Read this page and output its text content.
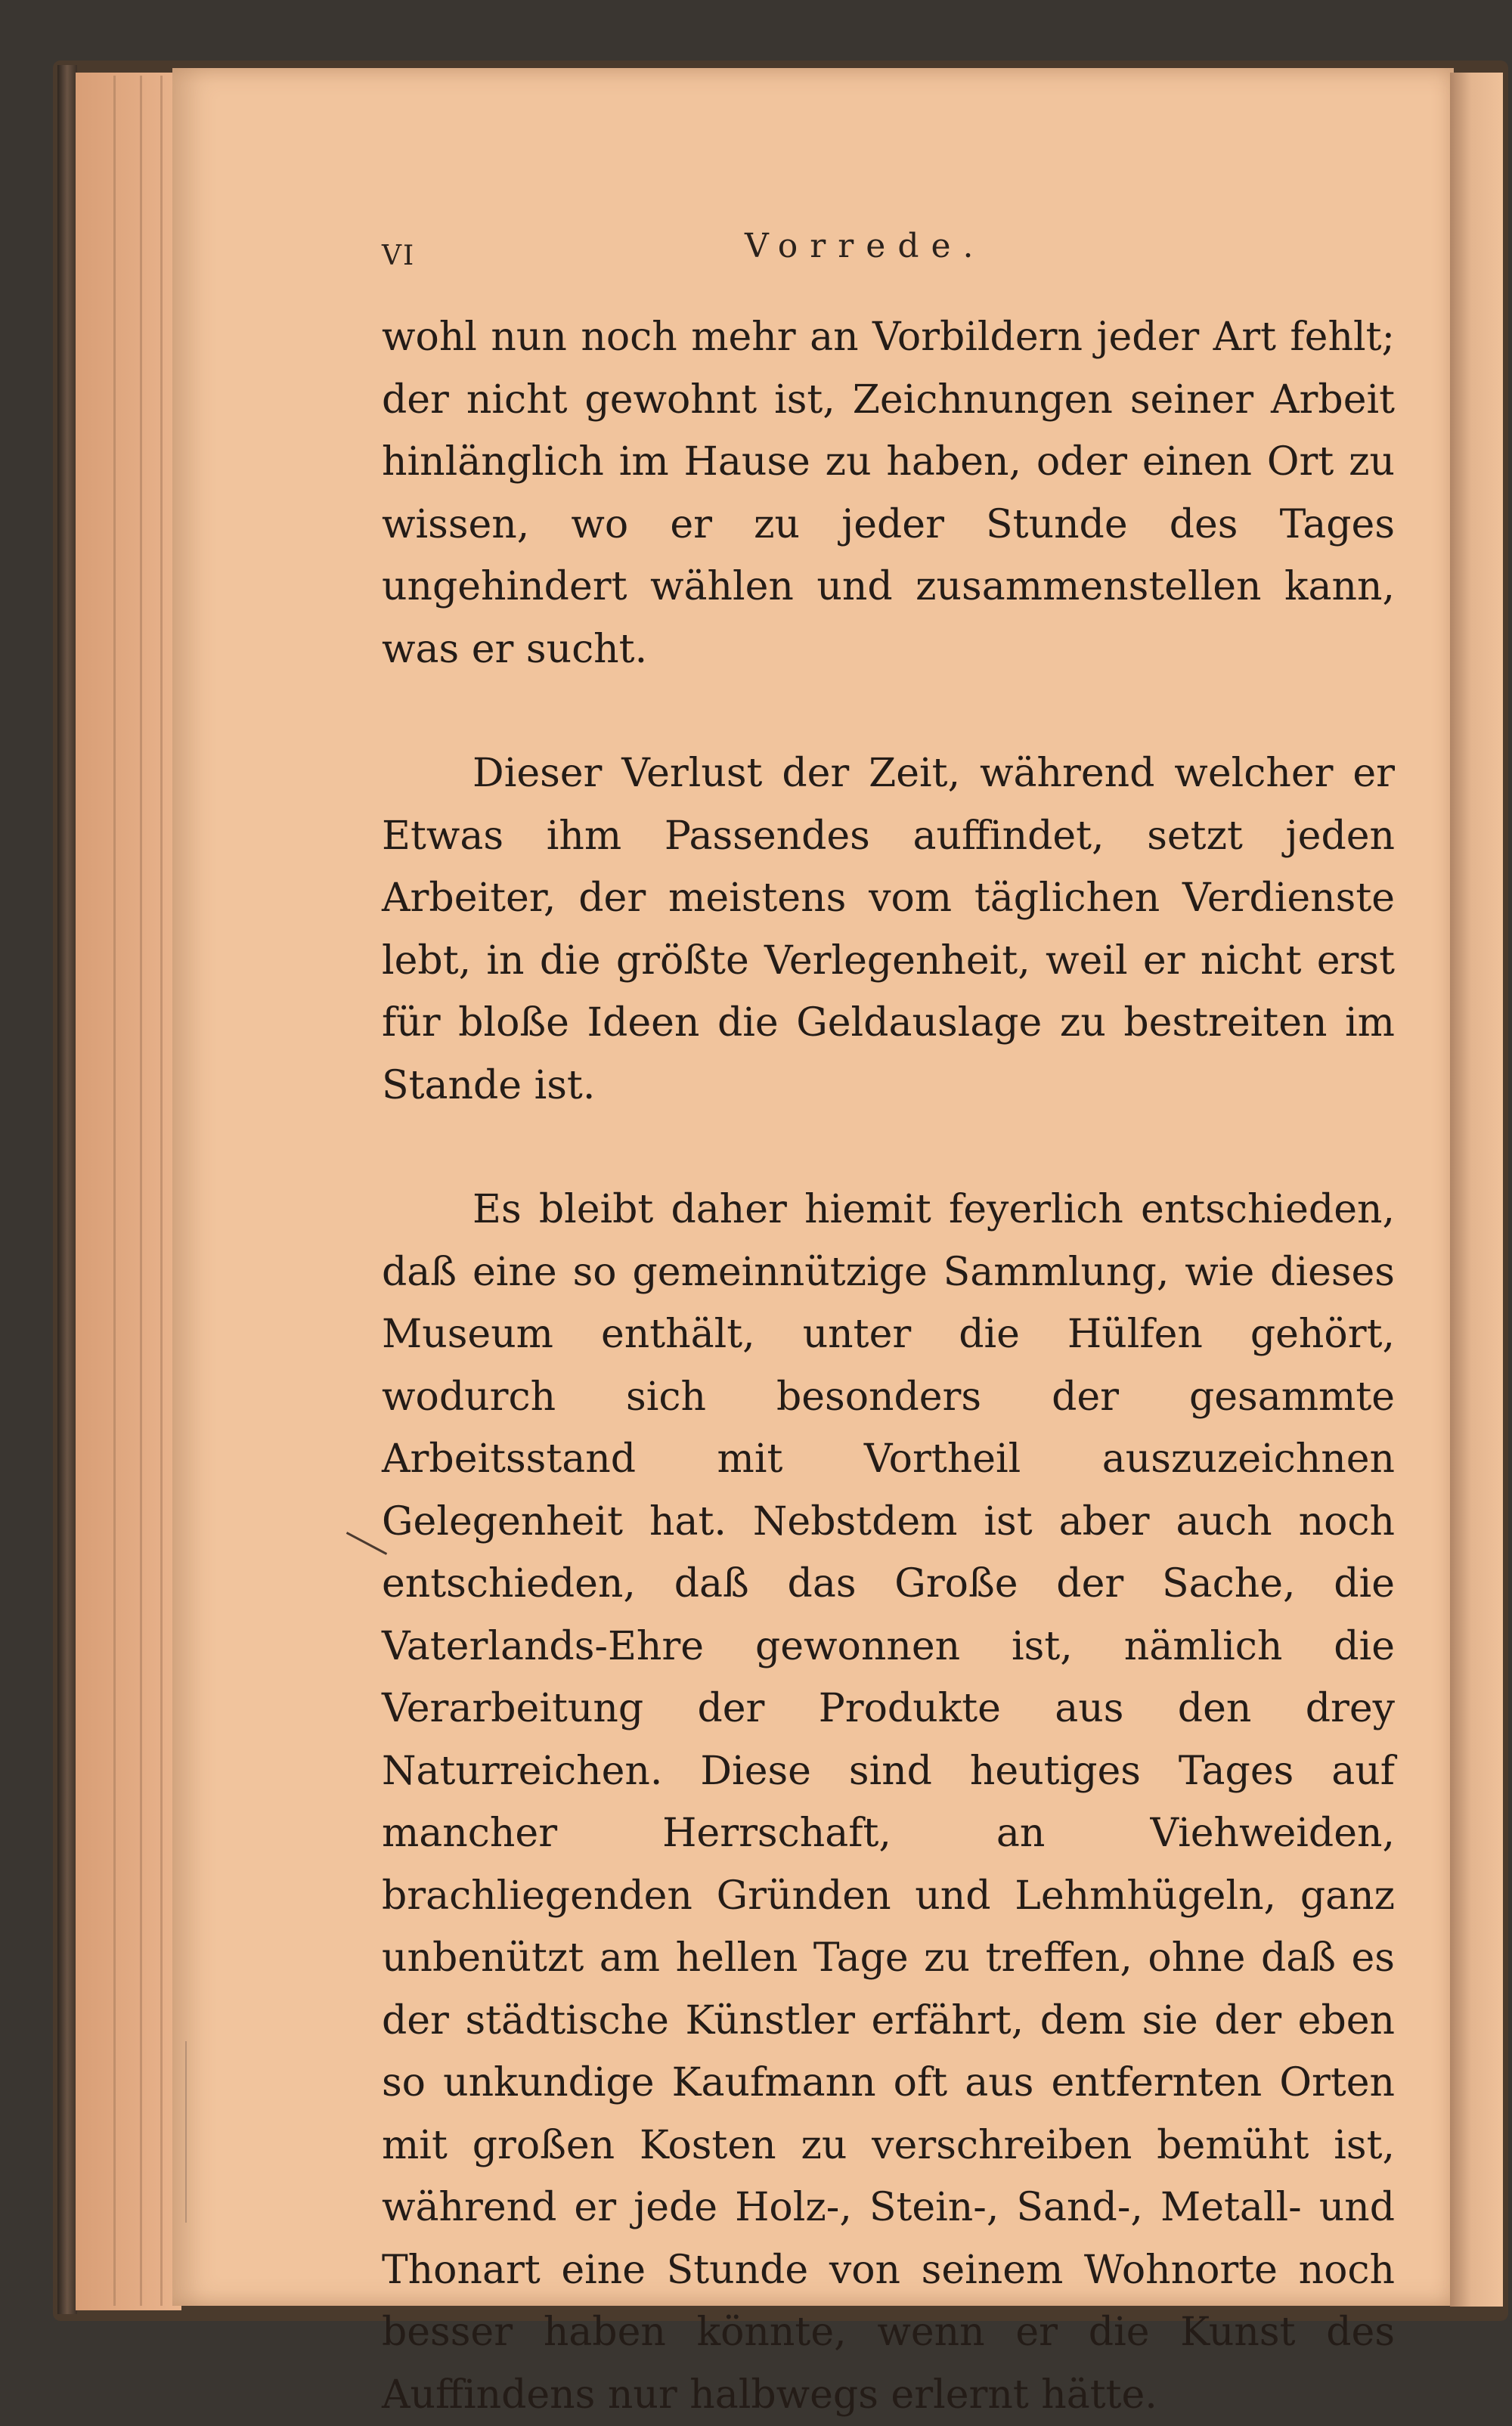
VI	Vorrede.

wohl nun noch mehr an Vorbildern jeder Art fehlt; der nicht gewohnt ist, Zeichnungen seiner Arbeit hinlänglich im Hause zu haben, oder einen Ort zu wissen, wo er zu jeder Stunde des Tages ungehindert wählen und zusammenstellen kann, was er sucht.

Dieser Verlust der Zeit, während welcher er Etwas ihm Passendes auffindet, setzt jeden Arbeiter, der meistens vom täglichen Verdienste lebt, in die größte Verlegenheit, weil er nicht erst für bloße Ideen die Geldauslage zu bestreiten im Stande ist.

Es bleibt daher hiemit feyerlich entschieden, daß eine so gemeinnützige Sammlung, wie dieses Museum enthält, unter die Hülfen gehört, wodurch sich besonders der gesammte Arbeitsstand mit Vortheil auszuzeichnen Gelegenheit hat. Nebstdem ist aber auch noch entschieden, daß das Große der Sache, die Vaterlands-Ehre gewonnen ist, nämlich die Verarbeitung der Produkte aus den drey Naturreichen. Diese sind heutiges Tages auf mancher Herrschaft, an Viehweiden, brachliegenden Gründen und Lehmhügeln, ganz unbenützt am hellen Tage zu treffen, ohne daß es der städtische Künstler erfährt, dem sie der eben so unkundige Kaufmann oft aus entfernten Orten mit großen Kosten zu verschreiben bemüht ist, während er jede Holz-, Stein-, Sand-, Metall- und Thonart eine Stunde von seinem Wohnorte noch besser haben könnte, wenn er die Kunst des Auffindens nur halbwegs erlernt hätte.
